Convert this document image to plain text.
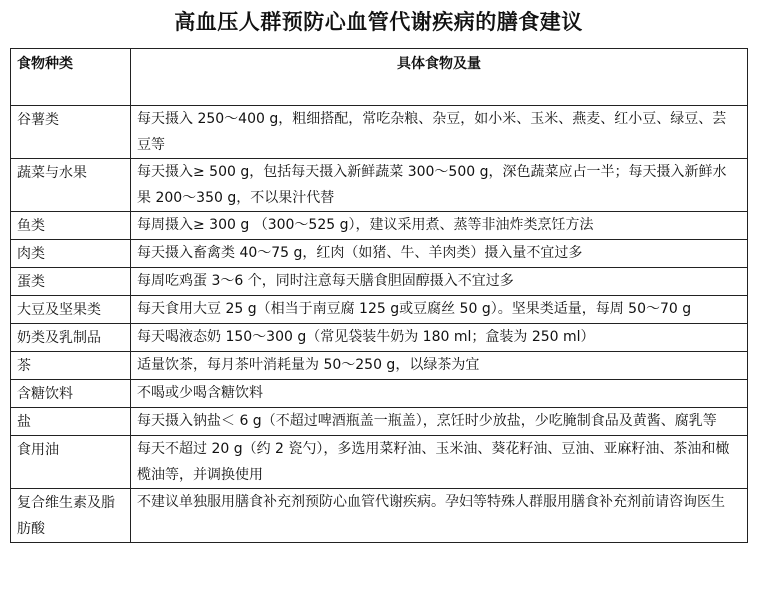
高血压人群预防心血管代谢疾病的膳食建议
食物种类	具体食物及量
谷薯类	每天摄入 250～400 g，粗细搭配，常吃杂粮、杂豆，如小米、玉米、燕麦、红小豆、绿豆、芸豆等
蔬菜与水果	每天摄入≥ 500 g，包括每天摄入新鲜蔬菜 300～500 g，深色蔬菜应占一半；每天摄入新鲜水果 200～350 g，不以果汁代替
鱼类	每周摄入≥ 300 g （300～525 g），建议采用煮、蒸等非油炸类烹饪方法
肉类	每天摄入畜禽类 40～75 g，红肉（如猪、牛、羊肉类）摄入量不宜过多
蛋类	每周吃鸡蛋 3～6 个，同时注意每天膳食胆固醇摄入不宜过多
大豆及坚果类	每天食用大豆 25 g（相当于南豆腐 125 g或豆腐丝 50 g）。坚果类适量，每周 50～70 g
奶类及乳制品	每天喝液态奶 150～300 g（常见袋装牛奶为 180 ml；盒装为 250 ml）
茶	适量饮茶，每月茶叶消耗量为 50～250 g，以绿茶为宜
含糖饮料	不喝或少喝含糖饮料
盐	每天摄入钠盐＜ 6 g（不超过啤酒瓶盖一瓶盖），烹饪时少放盐，少吃腌制食品及黄酱、腐乳等
食用油	每天不超过 20 g（约 2 瓷勺），多选用菜籽油、玉米油、葵花籽油、豆油、亚麻籽油、茶油和橄榄油等，并调换使用
复合维生素及脂肪酸	不建议单独服用膳食补充剂预防心血管代谢疾病。孕妇等特殊人群服用膳食补充剂前请咨询医生
